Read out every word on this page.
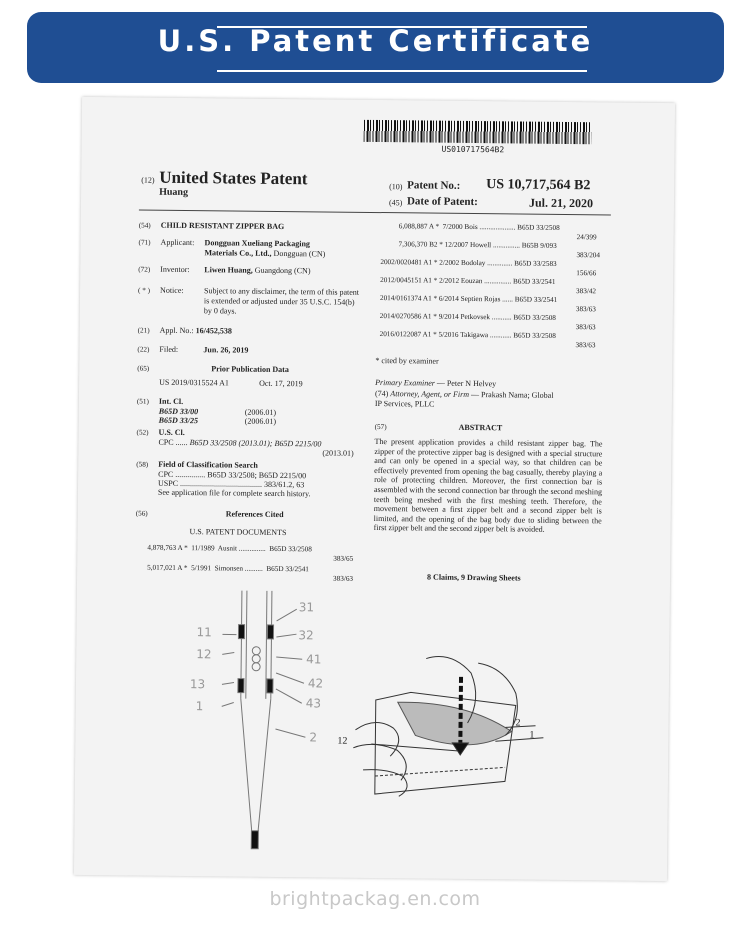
U.S. Patent Certificate
US010717564B2
(12) United States Patent
Huang
(10) Patent No.: US 10,717,564 B2
(45) Date of Patent:	Jul. 21, 2020
(54) CHILD RESISTANT ZIPPER BAG
(71) Applicant: Dongguan Xueliang Packaging
Materials Co., Ltd., Dongguan (CN)
(72) Inventor: Liwen Huang, Guangdong (CN)
( * ) Notice:	Subject to any disclaimer, the term of this patent is extended or adjusted under 35 U.S.C. 154(b) by 0 days.
(21) Appl. No.: 16/452,538
(22) Filed:	Jun. 26, 2019
(65)	Prior Publication Data
US 2019/0315524 A1	Oct. 17, 2019
(51) Int. Cl.
B65D 33/00	(2006.01)
B65D 33/25	(2006.01)
(52) U.S. Cl.
CPC ...... B65D 33/2508 (2013.01); B65D 2215/00
(2013.01)
(58) Field of Classification Search
CPC ............... B65D 33/2508; B65D 2215/00
USPC ......................................... 383/61.2, 63
See application file for complete search history.
(56)	References Cited
U.S. PATENT DOCUMENTS
4,878,763 A * 11/1989 Ausnit ............... B65D 33/2508
383/65
5,017,021 A * 5/1991 Simonsen .......... B65D 33/2541
383/63
6,088,887 A * 7/2000 Bois .................... B65D 33/2508
24/399
7,306,370 B2 * 12/2007 Howell ............... B65B 9/093
383/204
2002/0020481 A1 * 2/2002 Bodolay .............. B65D 33/2583
156/66
2012/0045151 A1 * 2/2012 Eouzan ............... B65D 33/2541
383/42
2014/0161374 A1 * 6/2014 Septien Rojas ...... B65D 33/2541
383/63
2014/0270586 A1 * 9/2014 Petkovsek ........... B65D 33/2508
383/63
2016/0122087 A1 * 5/2016 Takigawa ............ B65D 33/2508
383/63
* cited by examiner
Primary Examiner — Peter N Helvey
(74) Attorney, Agent, or Firm — Prakash Nama; Global
IP Services, PLLC
(57)	ABSTRACT
The present application provides a child resistant zipper bag. The zipper of the protective zipper bag is designed with a special structure and can only be opened in a special way, so that children can be effectively prevented from opening the bag casually, thereby playing a role of protecting children. Moreover, the first connection bar is assembled with the second connection bar through the second meshing teeth being meshed with the first meshing teeth. Therefore, the movement between a first zipper belt and a second zipper belt is limited, and the opening of the bag body due to sliding between the first zipper belt and the second zipper belt is avoided.
8 Claims, 9 Drawing Sheets
31
11	32
12	41
42
13
43
1
2
2
1
12
brightpackag.en.com
